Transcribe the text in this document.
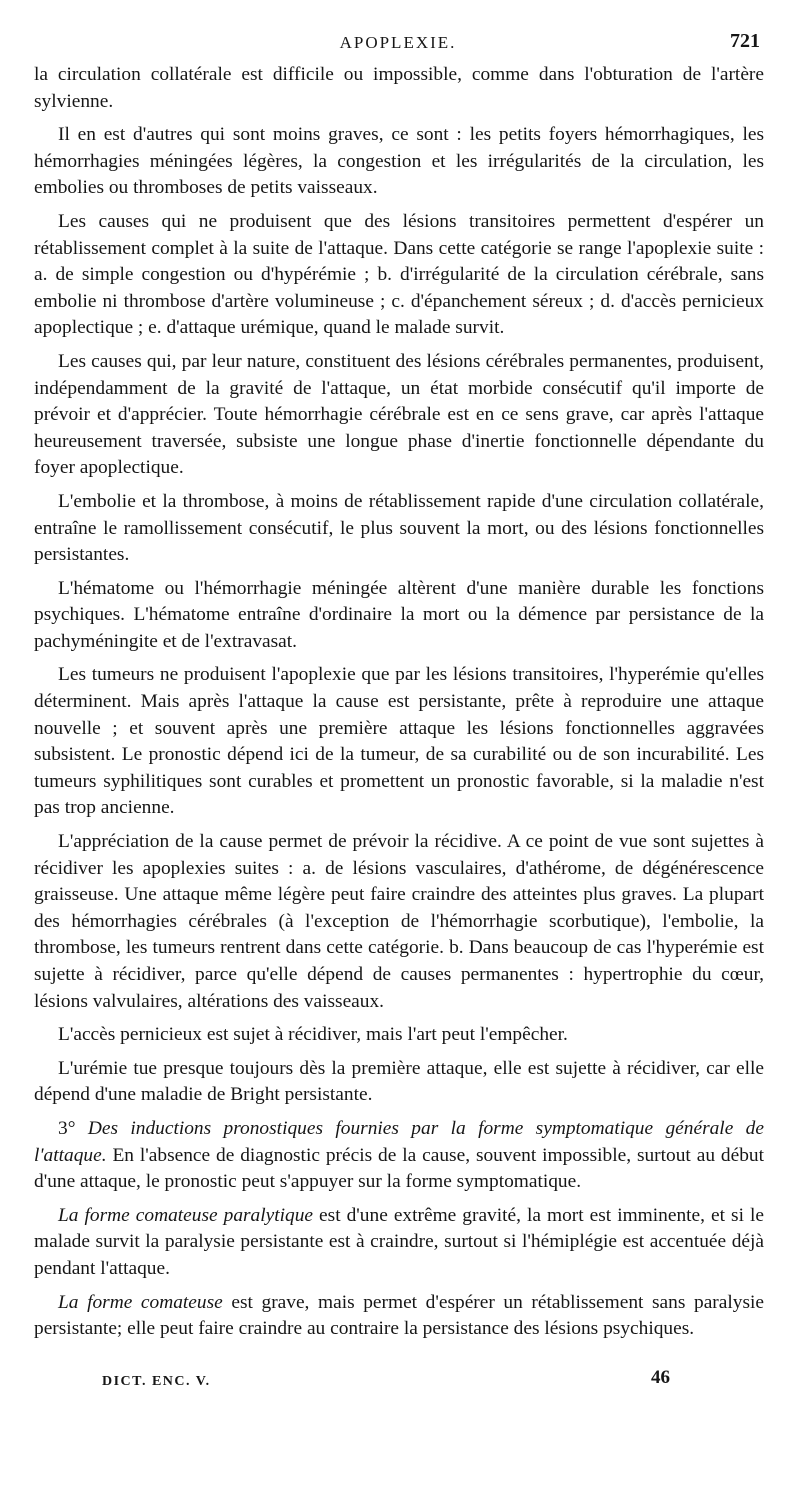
APOPLEXIE.	721

la circulation collatérale est difficile ou impossible, comme dans l'obturation de l'artère sylvienne.

Il en est d'autres qui sont moins graves, ce sont : les petits foyers hémorrhagiques, les hémorrhagies méningées légères, la congestion et les irrégularités de la circulation, les embolies ou thromboses de petits vaisseaux.

Les causes qui ne produisent que des lésions transitoires permettent d'espérer un rétablissement complet à la suite de l'attaque. Dans cette catégorie se range l'apoplexie suite : a. de simple congestion ou d'hypérémie ; b. d'irrégularité de la circulation cérébrale, sans embolie ni thrombose d'artère volumineuse ; c. d'épanchement séreux ; d. d'accès pernicieux apoplectique ; e. d'attaque urémique, quand le malade survit.

Les causes qui, par leur nature, constituent des lésions cérébrales permanentes, produisent, indépendamment de la gravité de l'attaque, un état morbide consécutif qu'il importe de prévoir et d'apprécier. Toute hémorrhagie cérébrale est en ce sens grave, car après l'attaque heureusement traversée, subsiste une longue phase d'inertie fonctionnelle dépendante du foyer apoplectique.

L'embolie et la thrombose, à moins de rétablissement rapide d'une circulation collatérale, entraîne le ramollissement consécutif, le plus souvent la mort, ou des lésions fonctionnelles persistantes.

L'hématome ou l'hémorrhagie méningée altèrent d'une manière durable les fonctions psychiques. L'hématome entraîne d'ordinaire la mort ou la démence par persistance de la pachyméningite et de l'extravasat.

Les tumeurs ne produisent l'apoplexie que par les lésions transitoires, l'hyperémie qu'elles déterminent. Mais après l'attaque la cause est persistante, prête à reproduire une attaque nouvelle ; et souvent après une première attaque les lésions fonctionnelles aggravées subsistent. Le pronostic dépend ici de la tumeur, de sa curabilité ou de son incurabilité. Les tumeurs syphilitiques sont curables et promettent un pronostic favorable, si la maladie n'est pas trop ancienne.

L'appréciation de la cause permet de prévoir la récidive. A ce point de vue sont sujettes à récidiver les apoplexies suites : a. de lésions vasculaires, d'athérome, de dégénérescence graisseuse. Une attaque même légère peut faire craindre des atteintes plus graves. La plupart des hémorrhagies cérébrales (à l'exception de l'hémorrhagie scorbutique), l'embolie, la thrombose, les tumeurs rentrent dans cette catégorie. b. Dans beaucoup de cas l'hyperémie est sujette à récidiver, parce qu'elle dépend de causes permanentes : hypertrophie du cœur, lésions valvulaires, altérations des vaisseaux.

L'accès pernicieux est sujet à récidiver, mais l'art peut l'empêcher.

L'urémie tue presque toujours dès la première attaque, elle est sujette à récidiver, car elle dépend d'une maladie de Bright persistante.

3° Des inductions pronostiques fournies par la forme symptomatique générale de l'attaque. En l'absence de diagnostic précis de la cause, souvent impossible, surtout au début d'une attaque, le pronostic peut s'appuyer sur la forme symptomatique.

La forme comateuse paralytique est d'une extrême gravité, la mort est imminente, et si le malade survit la paralysie persistante est à craindre, surtout si l'hémiplégie est accentuée déjà pendant l'attaque.

La forme comateuse est grave, mais permet d'espérer un rétablissement sans paralysie persistante; elle peut faire craindre au contraire la persistance des lésions psychiques.

DICT. ENC. V.	46
